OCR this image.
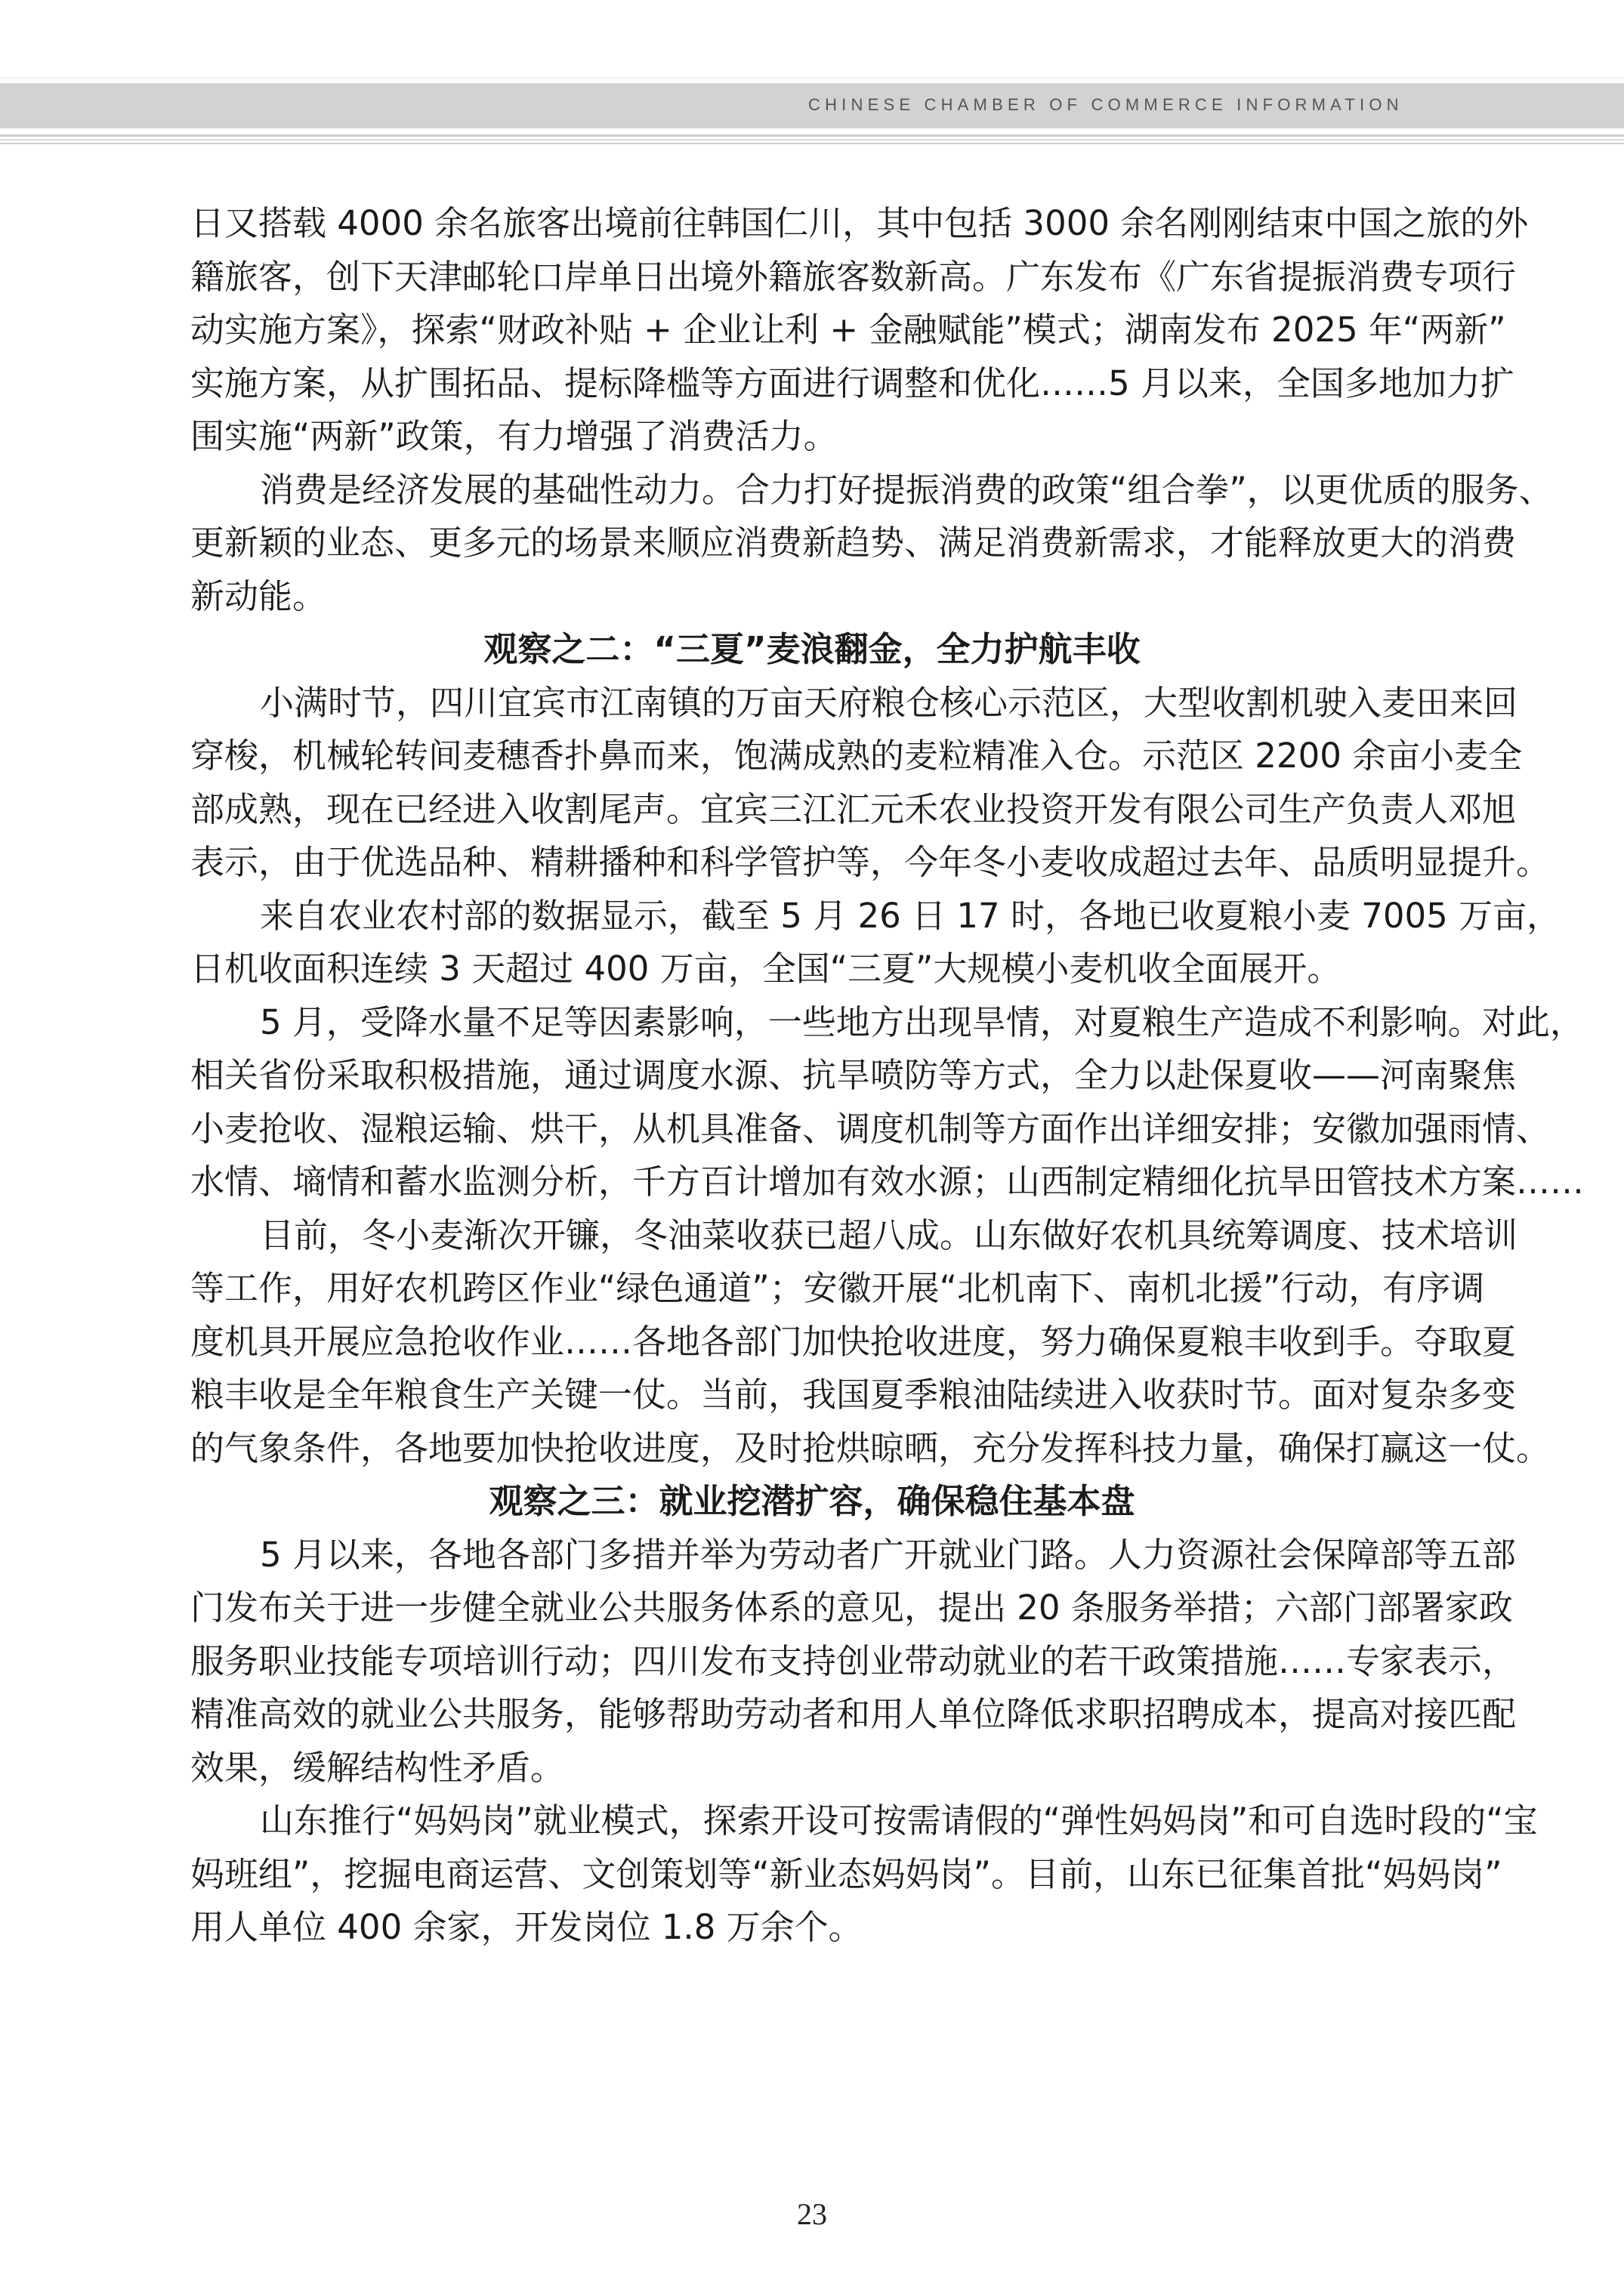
CHINESE CHAMBER OF COMMERCE INFORMATION
日又搭载 4000 余名旅客出境前往韩国仁川，其中包括 3000 余名刚刚结束中国之旅的外
籍旅客，创下天津邮轮口岸单日出境外籍旅客数新高。广东发布《广东省提振消费专项行
动实施方案》，探索“财政补贴 + 企业让利 + 金融赋能”模式；湖南发布 2025 年“两新”
实施方案，从扩围拓品、提标降槛等方面进行调整和优化……5 月以来，全国多地加力扩
围实施“两新”政策，有力增强了消费活力。
消费是经济发展的基础性动力。合力打好提振消费的政策“组合拳”，以更优质的服务、
更新颖的业态、更多元的场景来顺应消费新趋势、满足消费新需求，才能释放更大的消费
新动能。
观察之二：“三夏”麦浪翻金，全力护航丰收
小满时节，四川宜宾市江南镇的万亩天府粮仓核心示范区，大型收割机驶入麦田来回
穿梭，机械轮转间麦穗香扑鼻而来，饱满成熟的麦粒精准入仓。示范区 2200 余亩小麦全
部成熟，现在已经进入收割尾声。宜宾三江汇元禾农业投资开发有限公司生产负责人邓旭
表示，由于优选品种、精耕播种和科学管护等，今年冬小麦收成超过去年、品质明显提升。
来自农业农村部的数据显示，截至 5 月 26 日 17 时，各地已收夏粮小麦 7005 万亩，
日机收面积连续 3 天超过 400 万亩，全国“三夏”大规模小麦机收全面展开。
5 月，受降水量不足等因素影响，一些地方出现旱情，对夏粮生产造成不利影响。对此，
相关省份采取积极措施，通过调度水源、抗旱喷防等方式，全力以赴保夏收——河南聚焦
小麦抢收、湿粮运输、烘干，从机具准备、调度机制等方面作出详细安排；安徽加强雨情、
水情、墒情和蓄水监测分析，千方百计增加有效水源；山西制定精细化抗旱田管技术方案……
目前，冬小麦渐次开镰，冬油菜收获已超八成。山东做好农机具统筹调度、技术培训
等工作，用好农机跨区作业“绿色通道”；安徽开展“北机南下、南机北援”行动，有序调
度机具开展应急抢收作业……各地各部门加快抢收进度，努力确保夏粮丰收到手。夺取夏
粮丰收是全年粮食生产关键一仗。当前，我国夏季粮油陆续进入收获时节。面对复杂多变
的气象条件，各地要加快抢收进度，及时抢烘晾晒，充分发挥科技力量，确保打赢这一仗。
观察之三：就业挖潜扩容，确保稳住基本盘
5 月以来，各地各部门多措并举为劳动者广开就业门路。人力资源社会保障部等五部
门发布关于进一步健全就业公共服务体系的意见，提出 20 条服务举措；六部门部署家政
服务职业技能专项培训行动；四川发布支持创业带动就业的若干政策措施……专家表示，
精准高效的就业公共服务，能够帮助劳动者和用人单位降低求职招聘成本，提高对接匹配
效果，缓解结构性矛盾。
山东推行“妈妈岗”就业模式，探索开设可按需请假的“弹性妈妈岗”和可自选时段的“宝
妈班组”，挖掘电商运营、文创策划等“新业态妈妈岗”。目前，山东已征集首批“妈妈岗”
用人单位 400 余家，开发岗位 1.8 万余个。
23
